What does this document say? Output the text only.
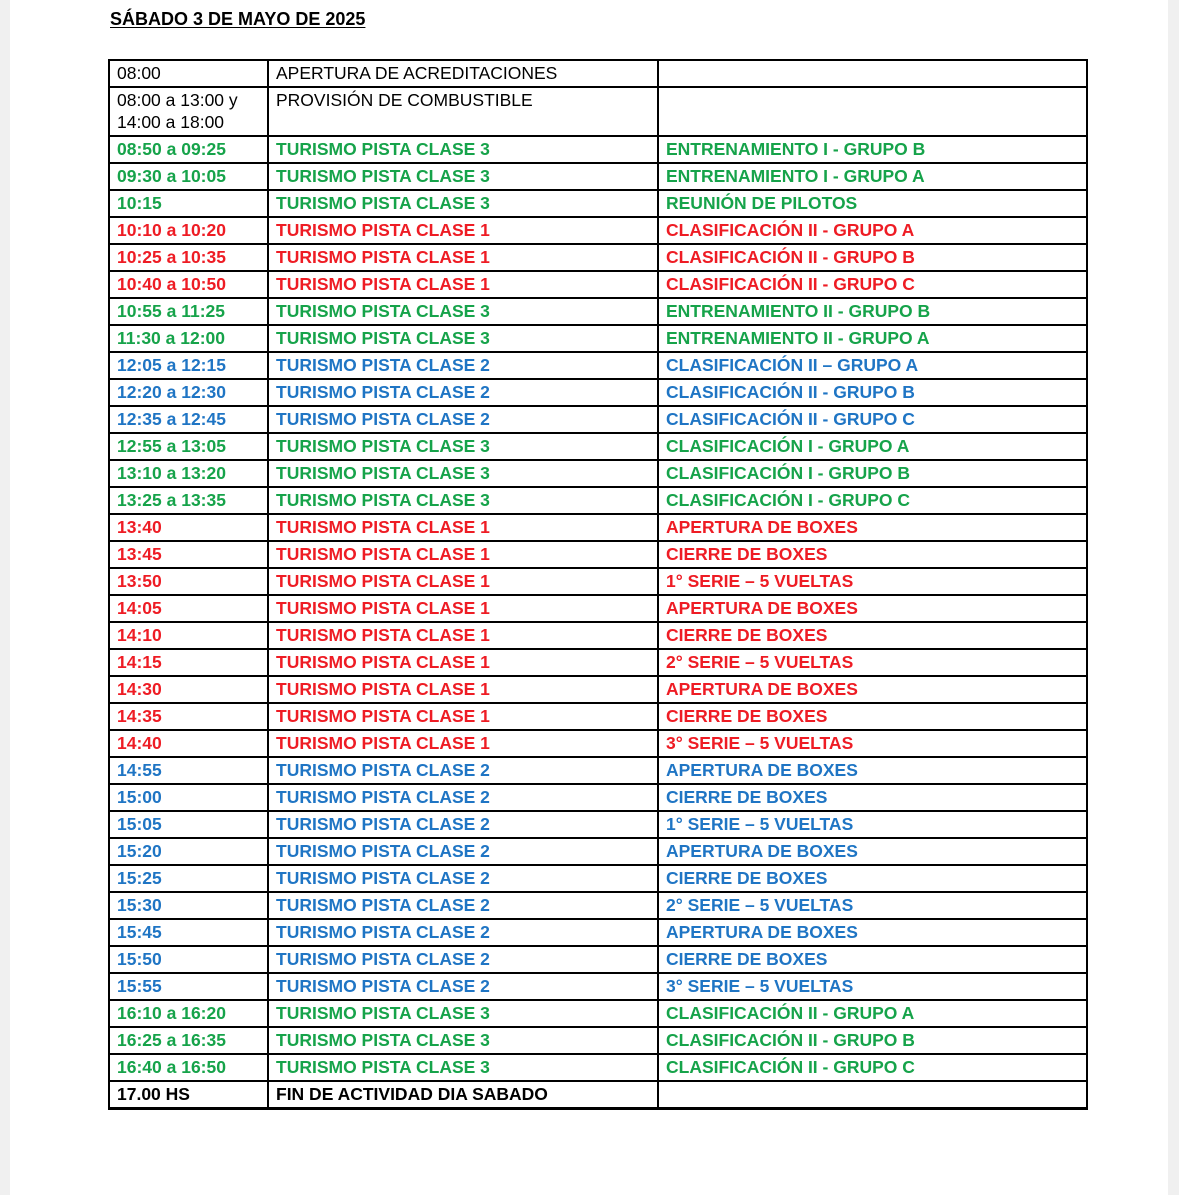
SÁBADO 3 DE MAYO DE 2025
08:00	APERTURA DE ACREDITACIONES	
08:00 a 13:00 y
14:00 a 18:00	PROVISIÓN DE COMBUSTIBLE	
08:50 a 09:25	TURISMO PISTA CLASE 3	ENTRENAMIENTO I - GRUPO B
09:30 a 10:05	TURISMO PISTA CLASE 3	ENTRENAMIENTO I - GRUPO A
10:15	TURISMO PISTA CLASE 3	REUNIÓN DE PILOTOS
10:10 a 10:20	TURISMO PISTA CLASE 1	CLASIFICACIÓN II - GRUPO A
10:25 a 10:35	TURISMO PISTA CLASE 1	CLASIFICACIÓN II - GRUPO B
10:40 a 10:50	TURISMO PISTA CLASE 1	CLASIFICACIÓN II - GRUPO C
10:55 a 11:25	TURISMO PISTA CLASE 3	ENTRENAMIENTO II - GRUPO B
11:30 a 12:00	TURISMO PISTA CLASE 3	ENTRENAMIENTO II - GRUPO A
12:05 a 12:15	TURISMO PISTA CLASE 2	CLASIFICACIÓN II – GRUPO A
12:20 a 12:30	TURISMO PISTA CLASE 2	CLASIFICACIÓN II - GRUPO B
12:35 a 12:45	TURISMO PISTA CLASE 2	CLASIFICACIÓN II - GRUPO C
12:55 a 13:05	TURISMO PISTA CLASE 3	CLASIFICACIÓN I - GRUPO A
13:10 a 13:20	TURISMO PISTA CLASE 3	CLASIFICACIÓN I - GRUPO B
13:25 a 13:35	TURISMO PISTA CLASE 3	CLASIFICACIÓN I - GRUPO C
13:40	TURISMO PISTA CLASE 1	APERTURA DE BOXES
13:45	TURISMO PISTA CLASE 1	CIERRE DE BOXES
13:50	TURISMO PISTA CLASE 1	1° SERIE – 5 VUELTAS
14:05	TURISMO PISTA CLASE 1	APERTURA DE BOXES
14:10	TURISMO PISTA CLASE 1	CIERRE DE BOXES
14:15	TURISMO PISTA CLASE 1	2° SERIE – 5 VUELTAS
14:30	TURISMO PISTA CLASE 1	APERTURA DE BOXES
14:35	TURISMO PISTA CLASE 1	CIERRE DE BOXES
14:40	TURISMO PISTA CLASE 1	3° SERIE – 5 VUELTAS
14:55	TURISMO PISTA CLASE 2	APERTURA DE BOXES
15:00	TURISMO PISTA CLASE 2	CIERRE DE BOXES
15:05	TURISMO PISTA CLASE 2	1° SERIE – 5 VUELTAS
15:20	TURISMO PISTA CLASE 2	APERTURA DE BOXES
15:25	TURISMO PISTA CLASE 2	CIERRE DE BOXES
15:30	TURISMO PISTA CLASE 2	2° SERIE – 5 VUELTAS
15:45	TURISMO PISTA CLASE 2	APERTURA DE BOXES
15:50	TURISMO PISTA CLASE 2	CIERRE DE BOXES
15:55	TURISMO PISTA CLASE 2	3° SERIE – 5 VUELTAS
16:10 a 16:20	TURISMO PISTA CLASE 3	CLASIFICACIÓN II - GRUPO A
16:25 a 16:35	TURISMO PISTA CLASE 3	CLASIFICACIÓN II - GRUPO B
16:40 a 16:50	TURISMO PISTA CLASE 3	CLASIFICACIÓN II - GRUPO C
17.00 HS	FIN DE ACTIVIDAD DIA SABADO	
